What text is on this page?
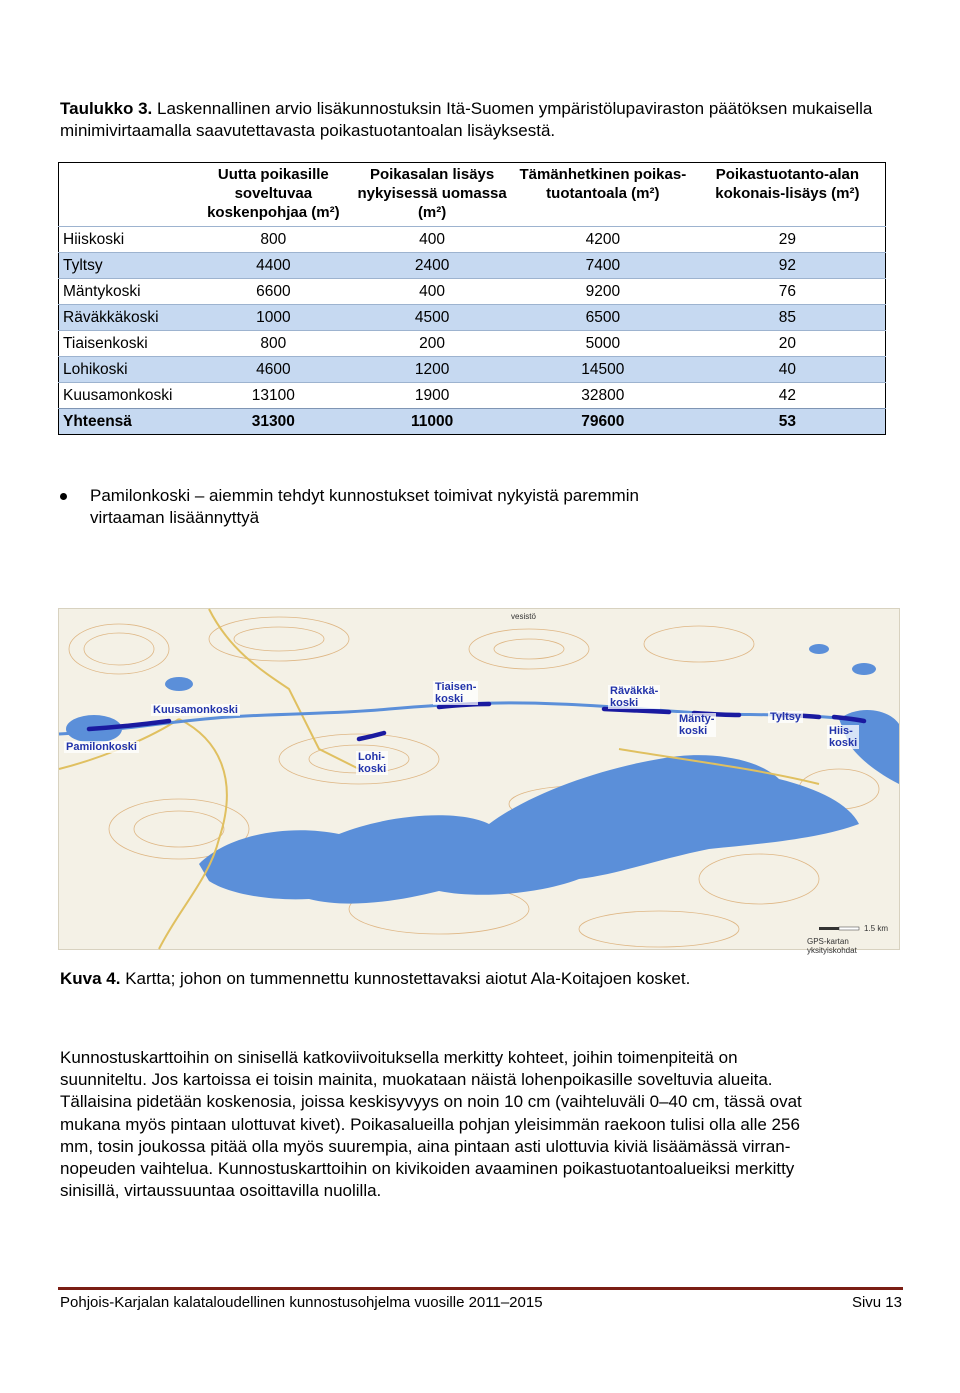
Taulukko 3. Laskennallinen arvio lisäkunnostuksin Itä-Suomen ympäristölupaviraston päätöksen mukaisella minimivirtaamalla saavutettavasta poikastuotantoalan lisäyksestä.
	Uutta poikasille soveltuvaa koskenpohjaa (m²)	Poikasalan lisäys nykyisessä uomassa (m²)	Tämänhetkinen poikas-tuotantoala (m²)	Poikastuotanto-alan kokonais-lisäys (m²)
Hiiskoski	800	400	4200	29
Tyltsy	4400	2400	7400	92
Mäntykoski	6600	400	9200	76
Räväkkäkoski	1000	4500	6500	85
Tiaisenkoski	800	200	5000	20
Lohikoski	4600	1200	14500	40
Kuusamonkoski	13100	1900	32800	42
Yhteensä	31300	11000	79600	53
Pamilonkoski – aiemmin tehdyt kunnostukset toimivat nykyistä paremmin
virtaaman lisäännyttyä
Kuusamonkoski
Pamilonkoski
Tiaisen-
koski
Lohi-
koski
Räväkkä-
koski
Mänty-
koski
Tyltsy
Hiis-
koski
vesistö
1.5 km
GPS-kartan yksityiskohdat
Kuva 4. Kartta; johon on tummennettu kunnostettavaksi aiotut Ala-Koitajoen kosket.
Kunnostuskarttoihin on sinisellä katkoviivoituksella merkitty kohteet, joihin toimenpiteitä on
suunniteltu. Jos kartoissa ei toisin mainita, muokataan näistä lohenpoikasille soveltuvia alueita.
Tällaisina pidetään koskenosia, joissa keskisyvyys on noin 10 cm (vaihteluväli 0–40 cm, tässä ovat
mukana myös pintaan ulottuvat kivet). Poikasalueilla pohjan yleisimmän raekoon tulisi olla alle 256
mm, tosin joukossa pitää olla myös suurempia, aina pintaan asti ulottuvia kiviä lisäämässä virran-
nopeuden vaihtelua. Kunnostuskarttoihin on kivikoiden avaaminen poikastuotantoalueiksi merkitty
sinisillä, virtaussuuntaa osoittavilla nuolilla.
Pohjois-Karjalan kalataloudellinen kunnostusohjelma vuosille 2011–2015	Sivu 13
